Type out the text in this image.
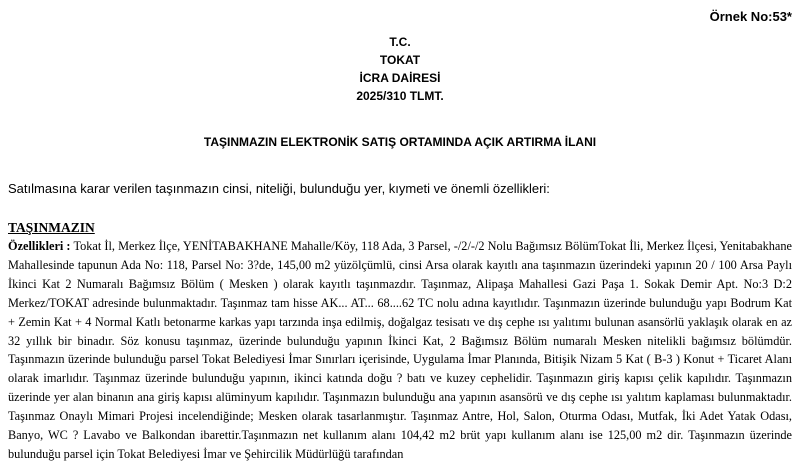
Örnek No:53*
T.C.
TOKAT
İCRA DAİRESİ
2025/310 TLMT.
TAŞINMAZIN ELEKTRONİK SATIŞ ORTAMINDA AÇIK ARTIRMA İLANI
Satılmasına karar verilen taşınmazın cinsi, niteliği, bulunduğu yer, kıymeti ve önemli özellikleri:
TAŞINMAZIN
Özellikleri : Tokat İl, Merkez İlçe, YENİTABAKHANE Mahalle/Köy, 118 Ada, 3 Parsel, -/2/-/2 Nolu Bağımsız BölümTokat İli, Merkez İlçesi, Yenitabakhane Mahallesinde tapunun Ada No: 118, Parsel No: 3?de, 145,00 m2 yüzölçümlü, cinsi Arsa olarak kayıtlı ana taşınmazın üzerindeki yapının 20 / 100 Arsa Paylı İkinci Kat 2 Numaralı Bağımsız Bölüm ( Mesken ) olarak kayıtlı taşınmazdır. Taşınmaz, Alipaşa Mahallesi Gazi Paşa 1. Sokak Demir Apt. No:3 D:2 Merkez/TOKAT adresinde bulunmaktadır. Taşınmaz tam hisse AK... AT... 68....62 TC nolu adına kayıtlıdır. Taşınmazın üzerinde bulunduğu yapı Bodrum Kat + Zemin Kat + 4 Normal Katlı betonarme karkas yapı tarzında inşa edilmiş, doğalgaz tesisatı ve dış cephe ısı yalıtımı bulunan asansörlü yaklaşık olarak en az 32 yıllık bir binadır. Söz konusu taşınmaz, üzerinde bulunduğu yapının İkinci Kat, 2 Bağımsız Bölüm numaralı Mesken nitelikli bağımsız bölümdür. Taşınmazın üzerinde bulunduğu parsel Tokat Belediyesi İmar Sınırları içerisinde, Uygulama İmar Planında, Bitişik Nizam 5 Kat ( B-3 ) Konut + Ticaret Alanı olarak imarlıdır. Taşınmaz üzerinde bulunduğu yapının, ikinci katında doğu ? batı ve kuzey cephelidir. Taşınmazın giriş kapısı çelik kapılıdır. Taşınmazın üzerinde yer alan binanın ana giriş kapısı alüminyum kapılıdır. Taşınmazın bulunduğu ana yapının asansörü ve dış cephe ısı yalıtım kaplaması bulunmaktadır. Taşınmaz Onaylı Mimari Projesi incelendiğinde; Mesken olarak tasarlanmıştır. Taşınmaz Antre, Hol, Salon, Oturma Odası, Mutfak, İki Adet Yatak Odası, Banyo, WC ? Lavabo ve Balkondan ibarettir.Taşınmazın net kullanım alanı 104,42 m2 brüt yapı kullanım alanı ise 125,00 m2 dir. Taşınmazın üzerinde bulunduğu parsel için Tokat Belediyesi İmar ve Şehircilik Müdürlüğü tarafından
